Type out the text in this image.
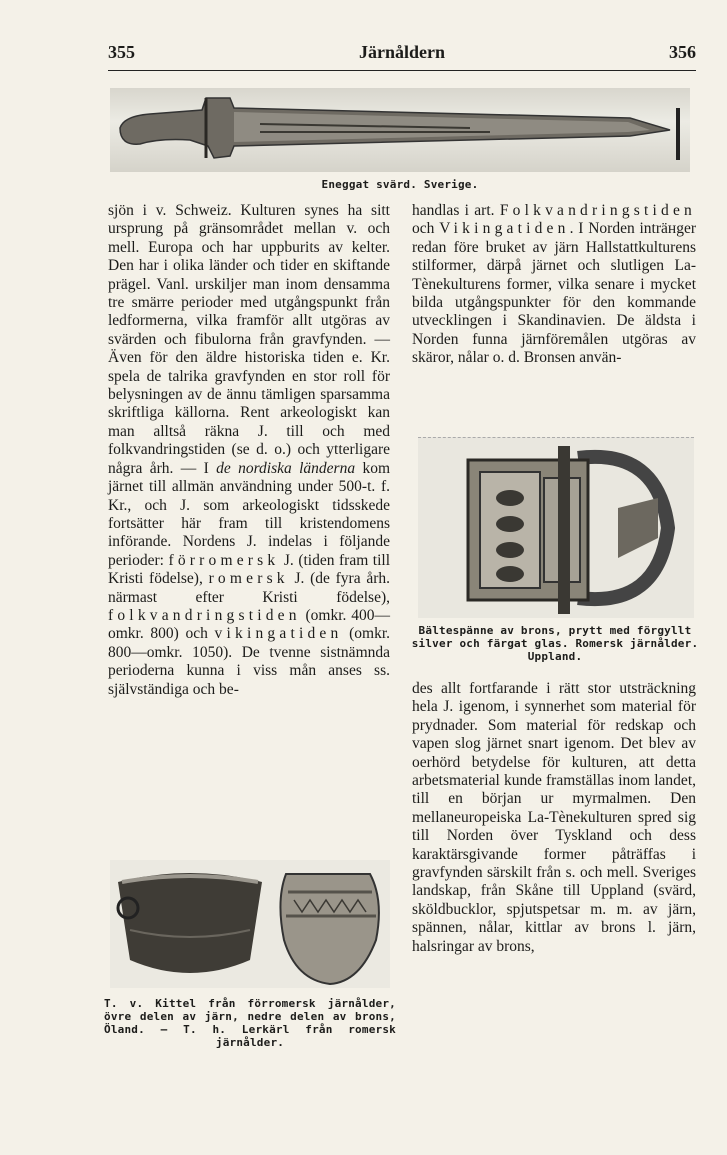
355	Järnåldern	356
Eneggat svärd. Sverige.

sjön i v. Schweiz. Kulturen synes ha sitt ursprung på gränsområdet mellan v. och mell. Europa och har uppburits av kelter. Den har i olika länder och tider en skiftande prägel. Vanl. urskiljer man inom densamma tre smärre perioder med utgångspunkt från ledformerna, vilka framför allt utgöras av svärden och fibulorna från gravfynden. — Även för den äldre historiska tiden e. Kr. spela de talrika gravfynden en stor roll för belysningen av de ännu tämligen sparsamma skriftliga källorna. Rent arkeologiskt kan man alltså räkna J. till och med folkvandringstiden (se d. o.) och ytterligare några årh. — I de nordiska länderna kom järnet till allmän användning under 500-t. f. Kr., och J. som arkeologiskt tidsskede fortsätter här fram till kristendomens införande. Nordens J. indelas i följande perioder: förromersk J. (tiden fram till Kristi födelse), romersk J. (de fyra årh. närmast efter Kristi födelse), folkvandringstiden (omkr. 400—omkr. 800) och vikingatiden (omkr. 800—omkr. 1050). De tvenne sistnämnda perioderna kunna i viss mån anses ss. självständiga och be-

handlas i art. Folkvandringstiden och Vikingatiden. I Norden inträнger redan före bruket av järn Hallstattkulturens stilformer, därpå järnet och slutligen La-Tènekulturens former, vilka senare i mycket bilda utgångspunkter för den kommande utvecklingen i Skandinavien. De äldsta i Norden funna järnföremålen utgöras av skäror, nålar o. d. Bronsen använ-

Bältespänne av brons, prytt med förgyllt silver och färgat glas. Romersk järnålder. Uppland.

des allt fortfarande i rätt stor utsträckning hela J. igenom, i synnerhet som material för prydnader. Som material för redskap och vapen slog järnet snart igenom. Det blev av oerhörd betydelse för kulturen, att detta arbetsmaterial kunde framställas inom landet, till en början ur myrmalmen. Den mellaneuropeiska La-Tènekulturen spred sig till Norden över Tyskland och dess karaktärsgivande former påträffas i gravfynden särskilt från s. och mell. Sveriges landskap, från Skåne till Uppland (svärd, sköldbucklor, spjutspetsar m. m. av järn, spännen, nålar, kittlar av brons l. järn, halsringar av brons,

T. v. Kittel från förromersk järnålder, övre delen av järn, nedre delen av brons, Öland. — T. h. Lerkärl från romersk järnålder.
